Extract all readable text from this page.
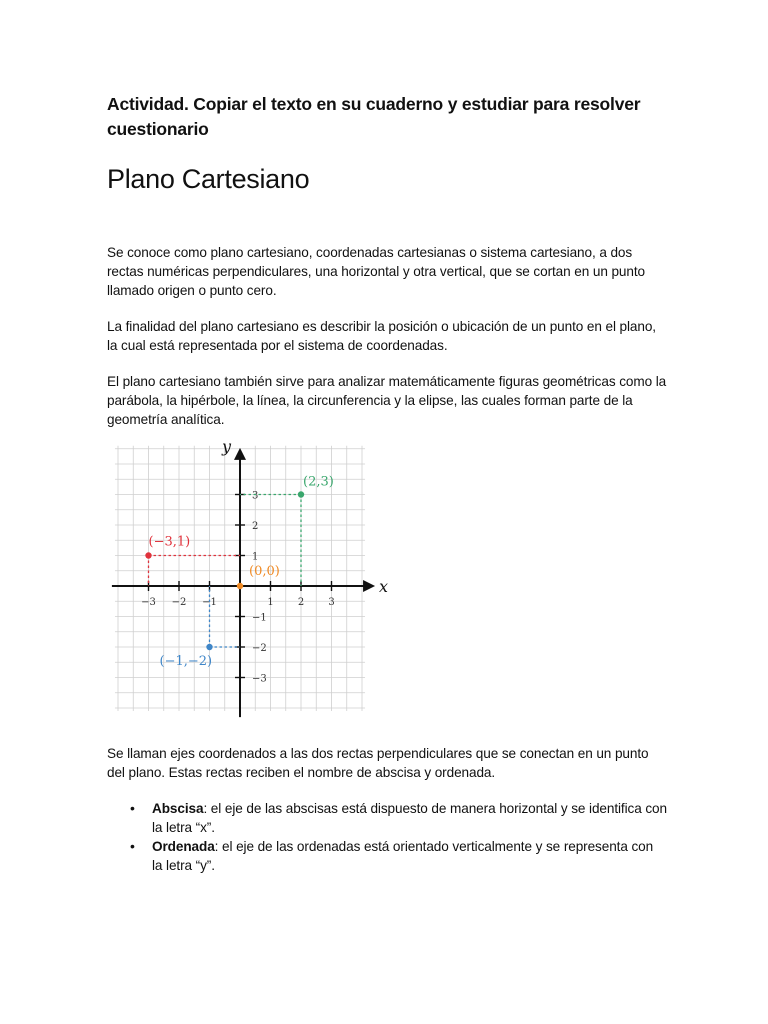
Actividad. Copiar el texto en su cuaderno y estudiar para resolver cuestionario
Plano Cartesiano

Se conoce como plano cartesiano, coordenadas cartesianas o sistema cartesiano, a dos rectas numéricas perpendiculares, una horizontal y otra vertical, que se cortan en un punto llamado origen o punto cero.

La finalidad del plano cartesiano es describir la posición o ubicación de un punto en el plano, la cual está representada por el sistema de coordenadas.

El plano cartesiano también sirve para analizar matemáticamente figuras geométricas como la parábola, la hipérbole, la línea, la circunferencia y la elipse, las cuales forman parte de la geometría analítica.

x
y
−3 −2 −1	1 2 3
3
2
1
−1
−2
−3
(2,3)
(−3,1)
(0,0)
(−1,−2)

Se llaman ejes coordenados a las dos rectas perpendiculares que se conectan en un punto del plano. Estas rectas reciben el nombre de abscisa y ordenada.

• Abscisa: el eje de las abscisas está dispuesto de manera horizontal y se identifica con la letra “x”.
• Ordenada: el eje de las ordenadas está orientado verticalmente y se representa con la letra “y”.
